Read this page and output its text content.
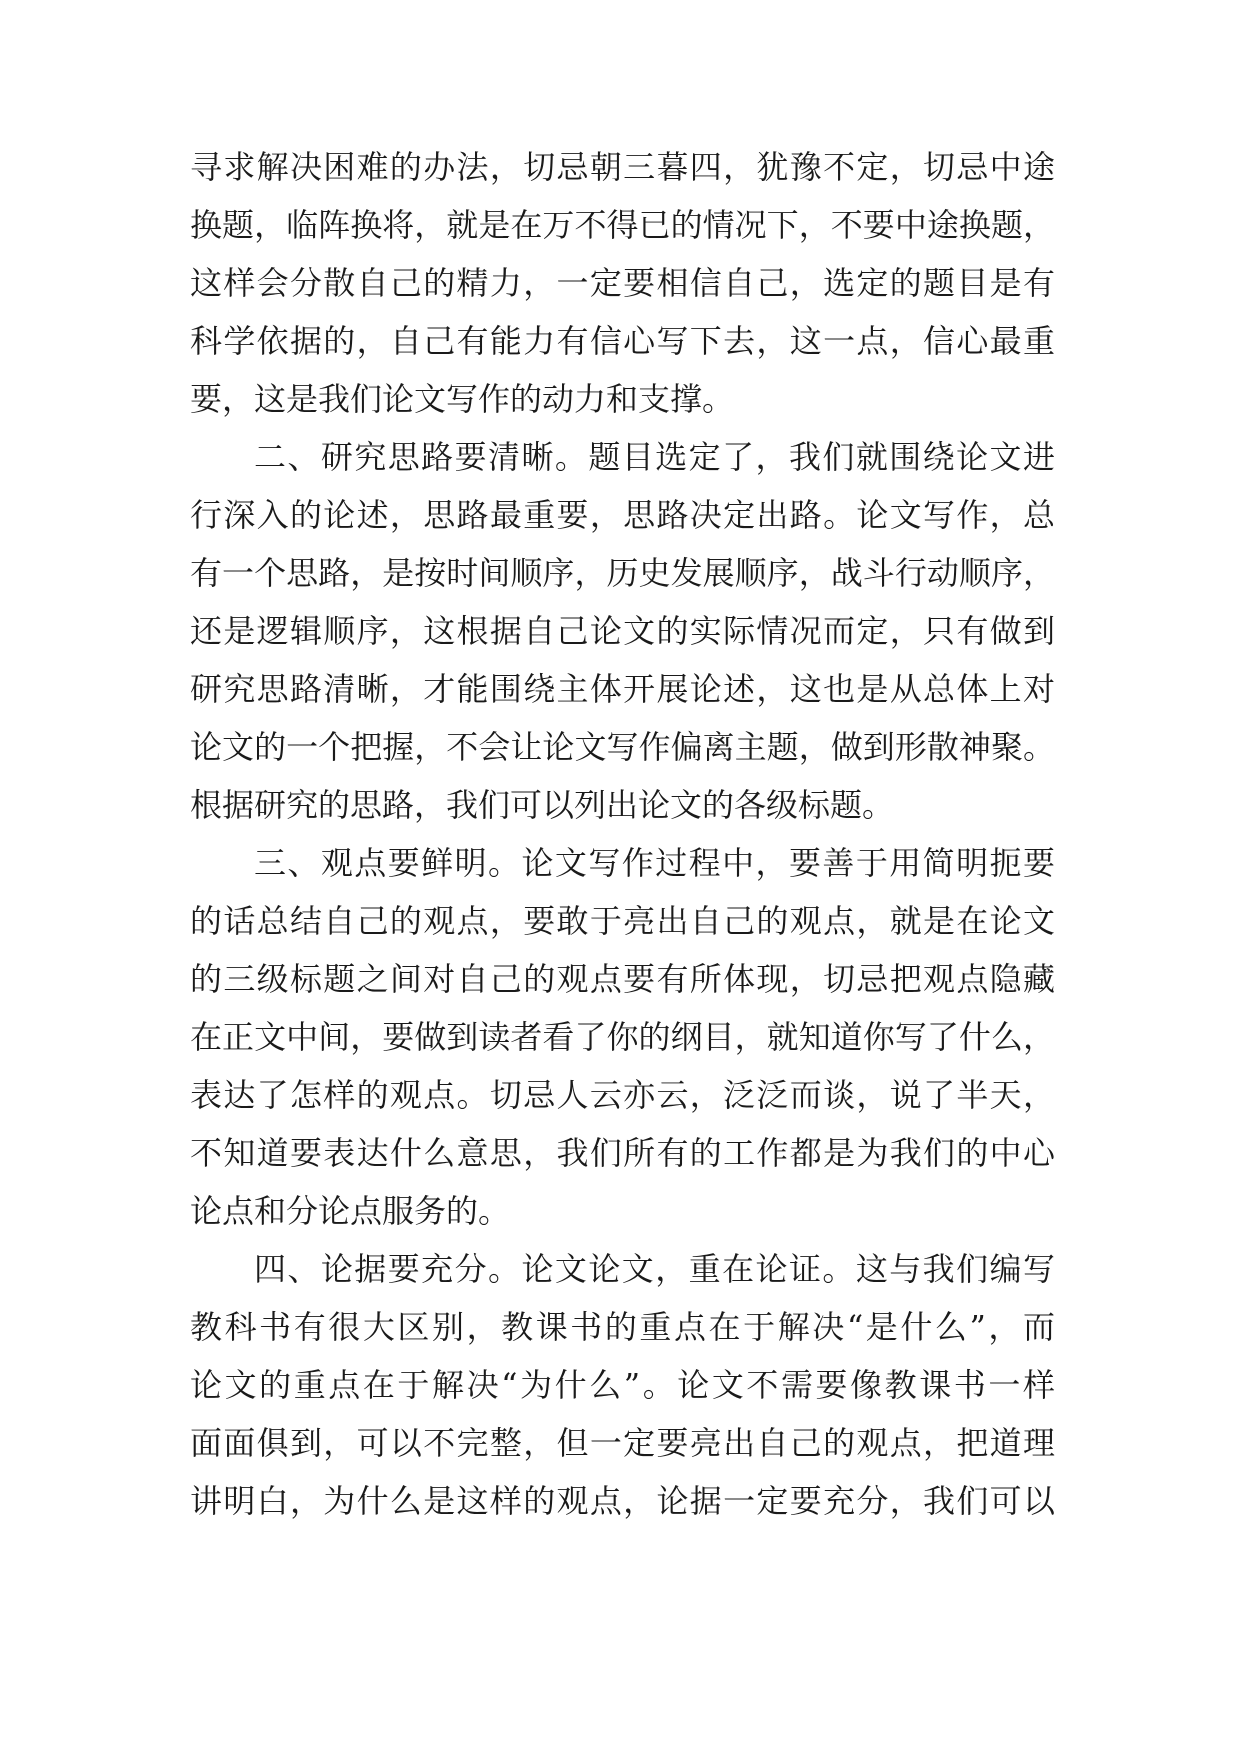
寻求解决困难的办法，切忌朝三暮四，犹豫不定，切忌中途
换题，临阵换将，就是在万不得已的情况下，不要中途换题，
这样会分散自己的精力，一定要相信自己，选定的题目是有
科学依据的，自己有能力有信心写下去，这一点，信心最重
要，这是我们论文写作的动力和支撑。
二、研究思路要清晰。题目选定了，我们就围绕论文进
行深入的论述，思路最重要，思路决定出路。论文写作，总
有一个思路，是按时间顺序，历史发展顺序，战斗行动顺序，
还是逻辑顺序，这根据自己论文的实际情况而定，只有做到
研究思路清晰，才能围绕主体开展论述，这也是从总体上对
论文的一个把握，不会让论文写作偏离主题，做到形散神聚。
根据研究的思路，我们可以列出论文的各级标题。
三、观点要鲜明。论文写作过程中，要善于用简明扼要
的话总结自己的观点，要敢于亮出自己的观点，就是在论文
的三级标题之间对自己的观点要有所体现，切忌把观点隐藏
在正文中间，要做到读者看了你的纲目，就知道你写了什么，
表达了怎样的观点。切忌人云亦云，泛泛而谈，说了半天，
不知道要表达什么意思，我们所有的工作都是为我们的中心
论点和分论点服务的。
四、论据要充分。论文论文，重在论证。这与我们编写
教科书有很大区别，教课书的重点在于解决“是什么”，而
论文的重点在于解决“为什么”。论文不需要像教课书一样
面面俱到，可以不完整，但一定要亮出自己的观点，把道理
讲明白，为什么是这样的观点，论据一定要充分，我们可以
